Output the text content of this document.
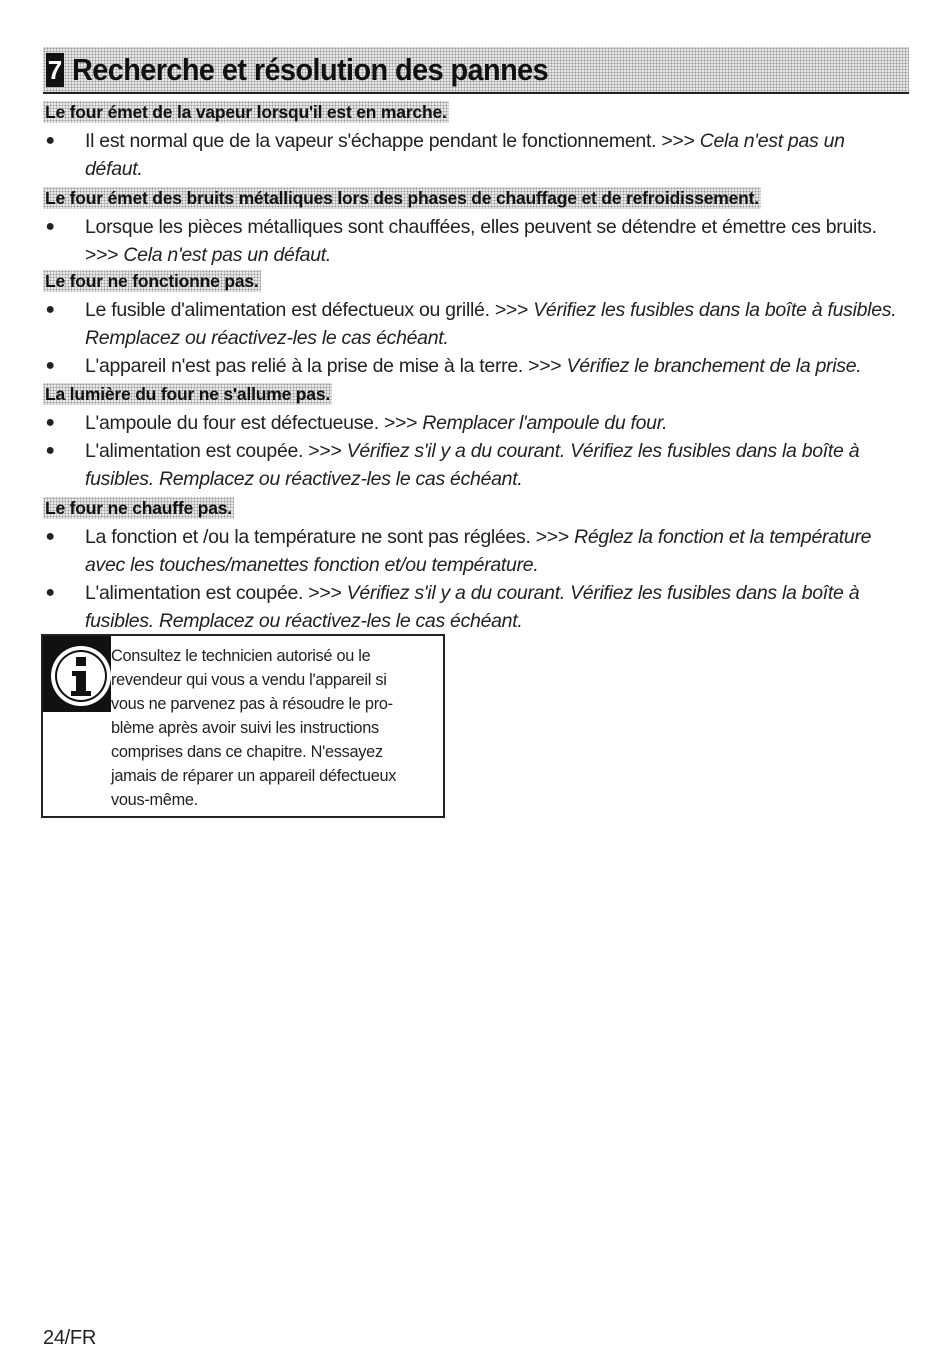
7 Recherche et résolution des pannes
Le four émet de la vapeur lorsqu'il est en marche.
● Il est normal que de la vapeur s'échappe pendant le fonctionnement. >>> Cela n'est pas un défaut.
Le four émet des bruits métalliques lors des phases de chauffage et de refroidissement.
● Lorsque les pièces métalliques sont chauffées, elles peuvent se détendre et émettre ces bruits. >>> Cela n'est pas un défaut.
Le four ne fonctionne pas.
● Le fusible d'alimentation est défectueux ou grillé. >>> Vérifiez les fusibles dans la boîte à fusibles. Remplacez ou réactivez-les le cas échéant.
● L'appareil n'est pas relié à la prise de mise à la terre. >>> Vérifiez le branchement de la prise.
La lumière du four ne s'allume pas.
● L'ampoule du four est défectueuse. >>> Remplacer l'ampoule du four.
● L'alimentation est coupée. >>> Vérifiez s'il y a du courant. Vérifiez les fusibles dans la boîte à fusibles. Remplacez ou réactivez-les le cas échéant.
Le four ne chauffe pas.
● La fonction et /ou la température ne sont pas réglées. >>> Réglez la fonction et la température avec les touches/manettes fonction et/ou température.
● L'alimentation est coupée. >>> Vérifiez s'il y a du courant. Vérifiez les fusibles dans la boîte à fusibles. Remplacez ou réactivez-les le cas échéant.
Consultez le technicien autorisé ou le
revendeur qui vous a vendu l'appareil si
vous ne parvenez pas à résoudre le pro-
blème après avoir suivi les instructions
comprises dans ce chapitre. N'essayez
jamais de réparer un appareil défectueux
vous-même.
24/FR
